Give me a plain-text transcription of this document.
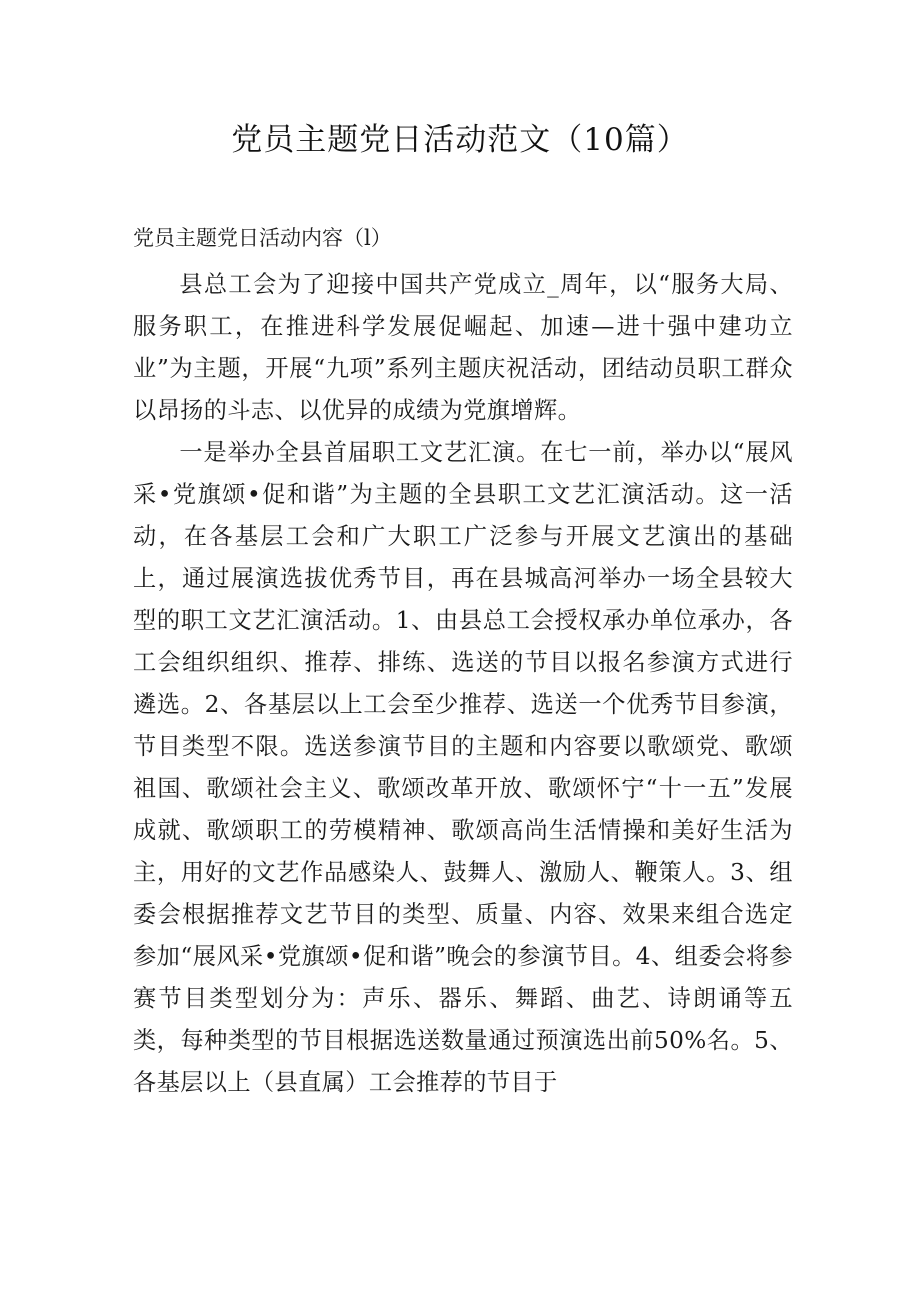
党员主题党日活动范文（10篇）
党员主题党日活动内容（l）

县总工会为了迎接中国共产党成立_周年，以“服务大局、服务职工，在推进科学发展促崛起、加速—进十强中建功立业”为主题，开展“九项”系列主题庆祝活动，团结动员职工群众以昂扬的斗志、以优异的成绩为党旗增辉。

一是举办全县首届职工文艺汇演。在七一前，举办以“展风采•党旗颂•促和谐”为主题的全县职工文艺汇演活动。这一活动，在各基层工会和广大职工广泛参与开展文艺演出的基础上，通过展演选拔优秀节目，再在县城高河举办一场全县较大型的职工文艺汇演活动。1、由县总工会授权承办单位承办，各工会组织组织、推荐、排练、选送的节目以报名参演方式进行遴选。2、各基层以上工会至少推荐、选送一个优秀节目参演，节目类型不限。选送参演节目的主题和内容要以歌颂党、歌颂祖国、歌颂社会主义、歌颂改革开放、歌颂怀宁“十一五”发展成就、歌颂职工的劳模精神、歌颂高尚生活情操和美好生活为主，用好的文艺作品感染人、鼓舞人、激励人、鞭策人。3、组委会根据推荐文艺节目的类型、质量、内容、效果来组合选定参加“展风采•党旗颂•促和谐”晚会的参演节目。4、组委会将参赛节目类型划分为：声乐、器乐、舞蹈、曲艺、诗朗诵等五类，每种类型的节目根据选送数量通过预演选出前50%名。5、各基层以上（县直属）工会推荐的节目于
